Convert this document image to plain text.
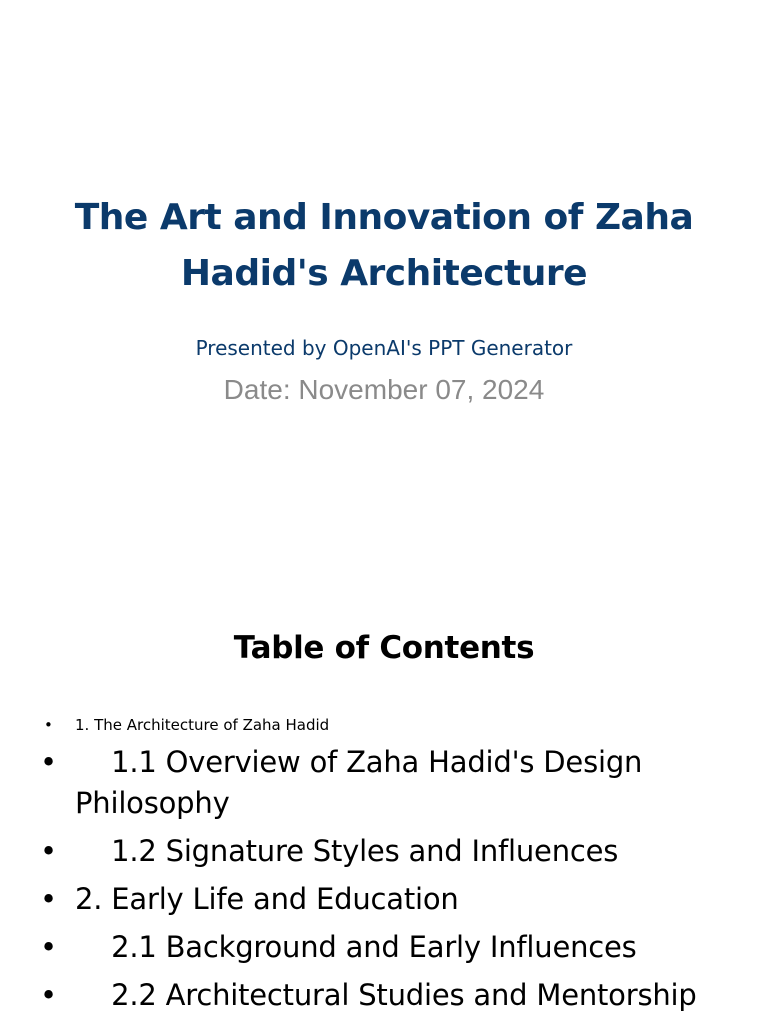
The Art and Innovation of Zaha Hadid's Architecture

Presented by OpenAI's PPT Generator

Date: November 07, 2024

Table of Contents
• 1. The Architecture of Zaha Hadid
• 1.1 Overview of Zaha Hadid's Design Philosophy
• 1.2 Signature Styles and Influences
• 2. Early Life and Education
• 2.1 Background and Early Influences
• 2.2 Architectural Studies and Mentorship
